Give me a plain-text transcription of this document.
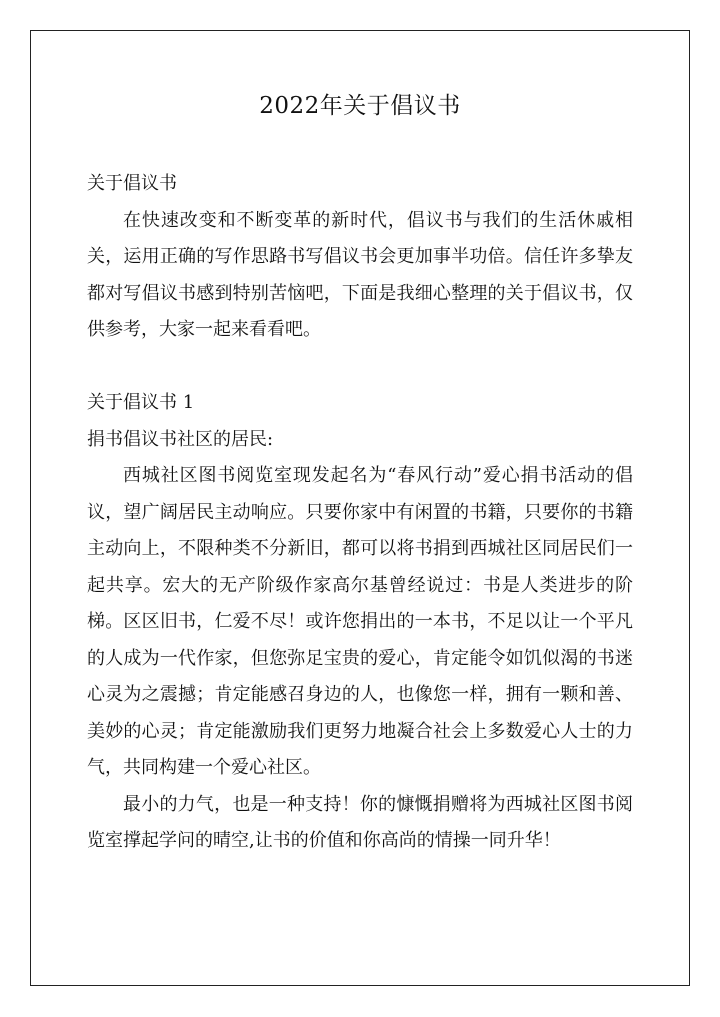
2022年关于倡议书

关于倡议书

在快速改变和不断变革的新时代，倡议书与我们的生活休戚相关，运用正确的写作思路书写倡议书会更加事半功倍。信任许多挚友都对写倡议书感到特别苦恼吧，下面是我细心整理的关于倡议书，仅供参考，大家一起来看看吧。

关于倡议书 1

捐书倡议书社区的居民:

西城社区图书阅览室现发起名为“春风行动”爱心捐书活动的倡议，望广阔居民主动响应。只要你家中有闲置的书籍，只要你的书籍主动向上，不限种类不分新旧，都可以将书捐到西城社区同居民们一起共享。宏大的无产阶级作家高尔基曾经说过：书是人类进步的阶梯。区区旧书，仁爱不尽！或许您捐出的一本书，不足以让一个平凡的人成为一代作家，但您弥足宝贵的爱心，肯定能令如饥似渴的书迷心灵为之震撼；肯定能感召身边的人，也像您一样，拥有一颗和善、美妙的心灵；肯定能激励我们更努力地凝合社会上多数爱心人士的力气，共同构建一个爱心社区。

最小的力气，也是一种支持！你的慷慨捐赠将为西城社区图书阅览室撑起学问的晴空,让书的价值和你高尚的情操一同升华！
